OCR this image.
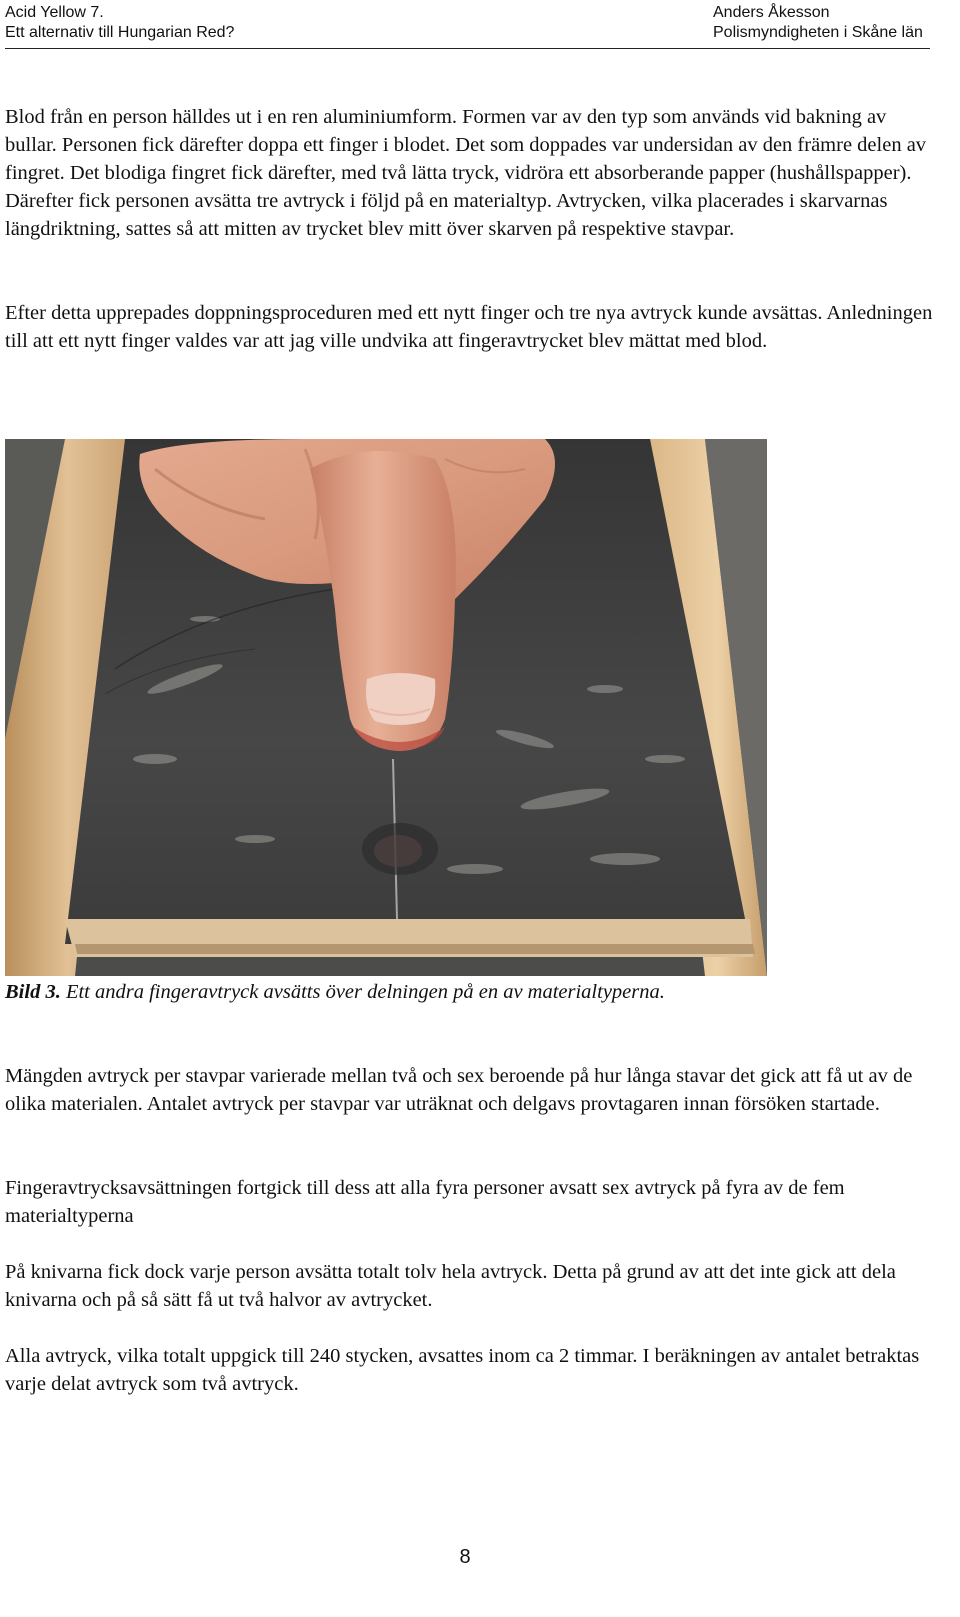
Acid Yellow 7.
Ett alternativ till Hungarian Red?
Anders Åkesson
Polismyndigheten i Skåne län

Blod från en person hälldes ut i en ren aluminiumform. Formen var av den typ som används vid bakning av bullar. Personen fick därefter doppa ett finger i blodet. Det som doppades var undersidan av den främre delen av fingret. Det blodiga fingret fick därefter, med två lätta tryck, vidröra ett absorberande papper (hushållspapper). Därefter fick personen avsätta tre avtryck i följd på en materialtyp. Avtrycken, vilka placerades i skarvarnas längdriktning, sattes så att mitten av trycket blev mitt över skarven på respektive stavpar.

Efter detta upprepades doppningsproceduren med ett nytt finger och tre nya avtryck kunde avsättas. Anledningen till att ett nytt finger valdes var att jag ville undvika att fingeravtrycket blev mättat med blod.

Bild 3. Ett andra fingeravtryck avsätts över delningen på en av materialtyperna.

Mängden avtryck per stavpar varierade mellan två och sex beroende på hur långa stavar det gick att få ut av de olika materialen. Antalet avtryck per stavpar var uträknat och delgavs provtagaren innan försöken startade.

Fingeravtrycksavsättningen fortgick till dess att alla fyra personer avsatt sex avtryck på fyra av de fem materialtyperna

På knivarna fick dock varje person avsätta totalt tolv hela avtryck. Detta på grund av att det inte gick att dela knivarna och på så sätt få ut två halvor av avtrycket.

Alla avtryck, vilka totalt uppgick till 240 stycken, avsattes inom ca 2 timmar. I beräkningen av antalet betraktas varje delat avtryck som två avtryck.

8
